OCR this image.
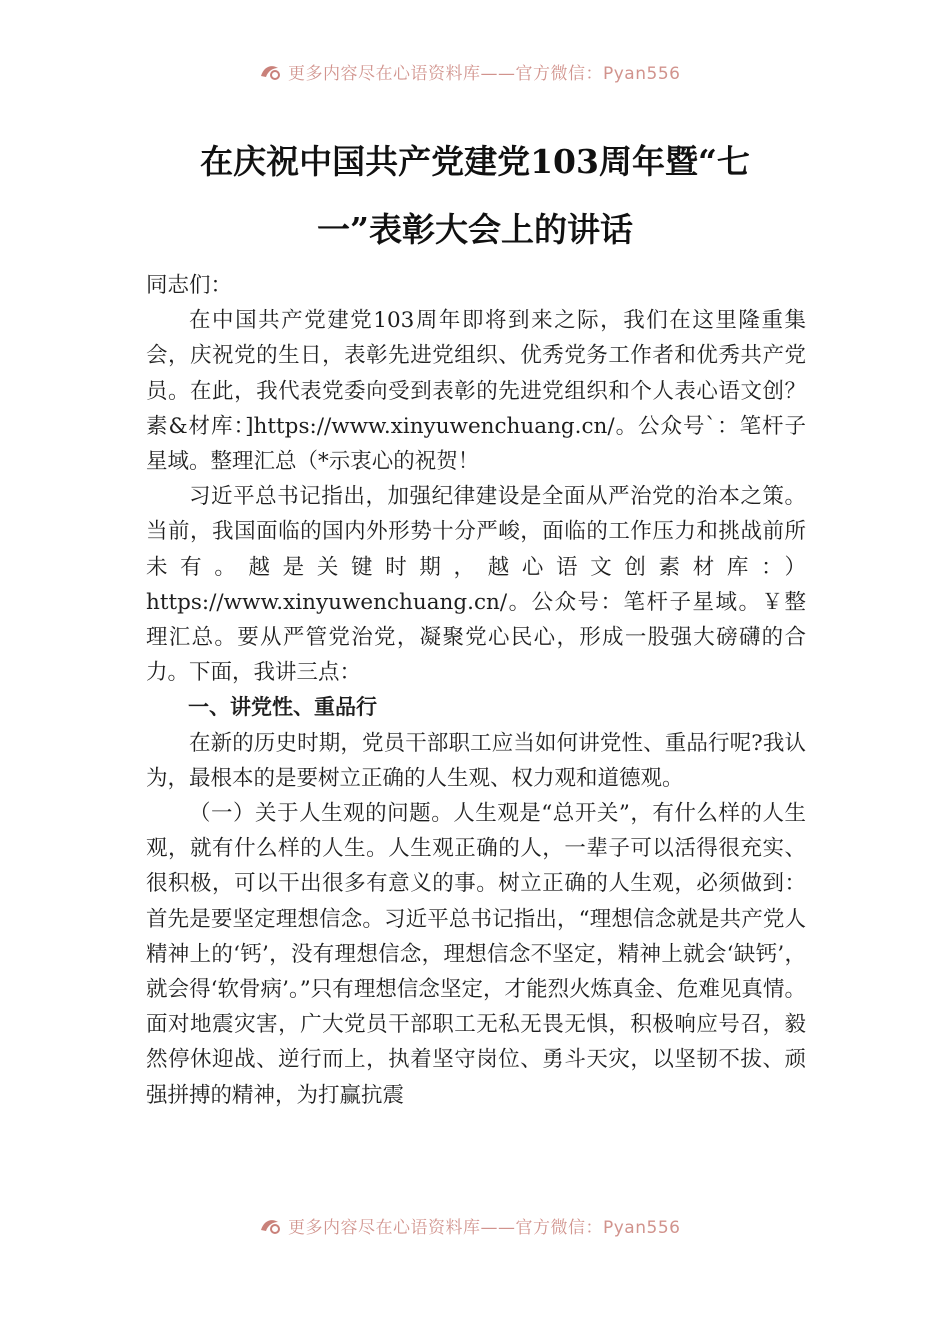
更多内容尽在心语资料库——官方微信：Pyan556
在庆祝中国共产党建党103周年暨“七
一”表彰大会上的讲话

同志们：

在中国共产党建党103周年即将到来之际，我们在这里隆重集会，庆祝党的生日，表彰先进党组织、优秀党务工作者和优秀共产党员。在此，我代表党委向受到表彰的先进党组织和个人表心语文创？素&材库：]https://www.xinyuwenchuang.cn/。公众号`：笔杆子星域。整理汇总（*示衷心的祝贺！

习近平总书记指出，加强纪律建设是全面从严治党的治本之策。当前，我国面临的国内外形势十分严峻，面临的工作压力和挑战前所未有。越是关键时期，越心语文创素材库：）https://www.xinyuwenchuang.cn/。公众号：笔杆子星域。￥整理汇总。要从严管党治党，凝聚党心民心，形成一股强大磅礴的合力。下面，我讲三点：

一、讲党性、重品行

在新的历史时期，党员干部职工应当如何讲党性、重品行呢?我认为，最根本的是要树立正确的人生观、权力观和道德观。

（一）关于人生观的问题。人生观是“总开关”，有什么样的人生观，就有什么样的人生。人生观正确的人，一辈子可以活得很充实、很积极，可以干出很多有意义的事。树立正确的人生观，必须做到：首先是要坚定理想信念。习近平总书记指出，“理想信念就是共产党人精神上的‘钙’，没有理想信念，理想信念不坚定，精神上就会‘缺钙’，就会得‘软骨病’。”只有理想信念坚定，才能烈火炼真金、危难见真情。面对地震灾害，广大党员干部职工无私无畏无惧，积极响应号召，毅然停休迎战、逆行而上，执着坚守岗位、勇斗天灾，以坚韧不拔、顽强拼搏的精神，为打赢抗震

更多内容尽在心语资料库——官方微信：Pyan556
